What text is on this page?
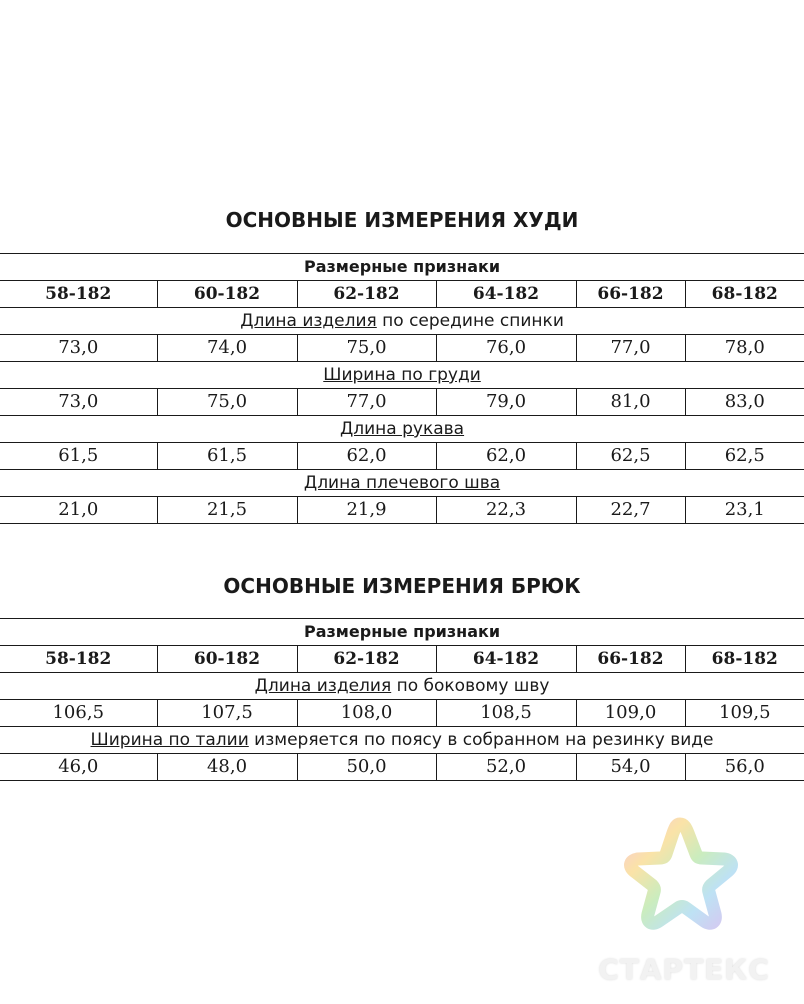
ОСНОВНЫЕ ИЗМЕРЕНИЯ ХУДИ
Размерные признаки					
58-182	60-182	62-182	64-182	66-182	68-182
Длина изделия по середине спинки					
73,0	74,0	75,0	76,0	77,0	78,0
Ширина по груди					
73,0	75,0	77,0	79,0	81,0	83,0
Длина рукава					
61,5	61,5	62,0	62,0	62,5	62,5
Длина плечевого шва					
21,0	21,5	21,9	22,3	22,7	23,1
ОСНОВНЫЕ ИЗМЕРЕНИЯ БРЮК
Размерные признаки					
58-182	60-182	62-182	64-182	66-182	68-182
Длина изделия по боковому шву					
106,5	107,5	108,0	108,5	109,0	109,5
Ширина по талии измеряется по поясу в собранном на резинку виде					
46,0	48,0	50,0	52,0	54,0	56,0
СТАРТЕКС
